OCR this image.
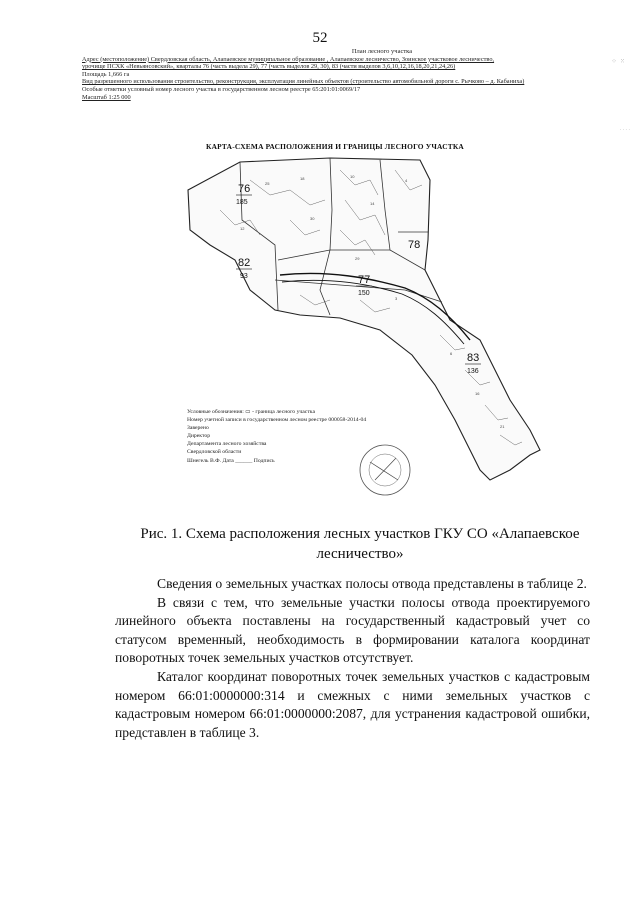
52
⁘ ⁙
План лесного участка
Адрес (местоположение) Свердловская область, Алапаевское муниципальное образование , Алапаевское лесничество, Зоинское участковое лесничество,
урочище ПСХК «Невьянсовский», кварталы 76 (часть выдела 29), 77 (часть выделов 29, 30), 83 (части выделов 3,6,10,12,16,18,20,21,24,26)
Площадь 1,666 га
Вид разрешенного использования строительство, реконструкция, эксплуатация линейных объектов (строительство автомобильной дороги с. Рычково – д. Кабаниха)
Особые отметки условный номер лесного участка в государственном лесном реестре 65:201:01:0069/17
Масштаб 1:25 000
· · · ·
КАРТА-СХЕМА РАСПОЛОЖЕНИЯ И ГРАНИЦЫ ЛЕСНОГО УЧАСТКА
25
18	10
14
4
30
29
12
3
6
16
21
76
185
82
93	77
150
78
83
136
Условные обозначения: ▭ - граница лесного участка
Номер учетной записи в государственном лесном реестре 000058-2014-04
Заверено
Директор
Департамента лесного хозяйства
Свердловской области
Шнегель В.Ф. Дата ______ Подпись
Рис. 1. Схема расположения лесных участков ГКУ СО «Алапаевское лесничество»

Сведения о земельных участках полосы отвода представлены в таблице 2.

В связи с тем, что земельные участки полосы отвода проектируемого линейного объекта поставлены на государственный кадастровый учет со статусом временный, необходимость в формировании каталога координат поворотных точек земельных участков отсутствует.

Каталог координат поворотных точек земельных участков с кадастровым номером 66:01:0000000:314 и смежных с ними земельных участков с кадастровым номером 66:01:0000000:2087, для устранения кадастровой ошибки, представлен в таблице 3.
